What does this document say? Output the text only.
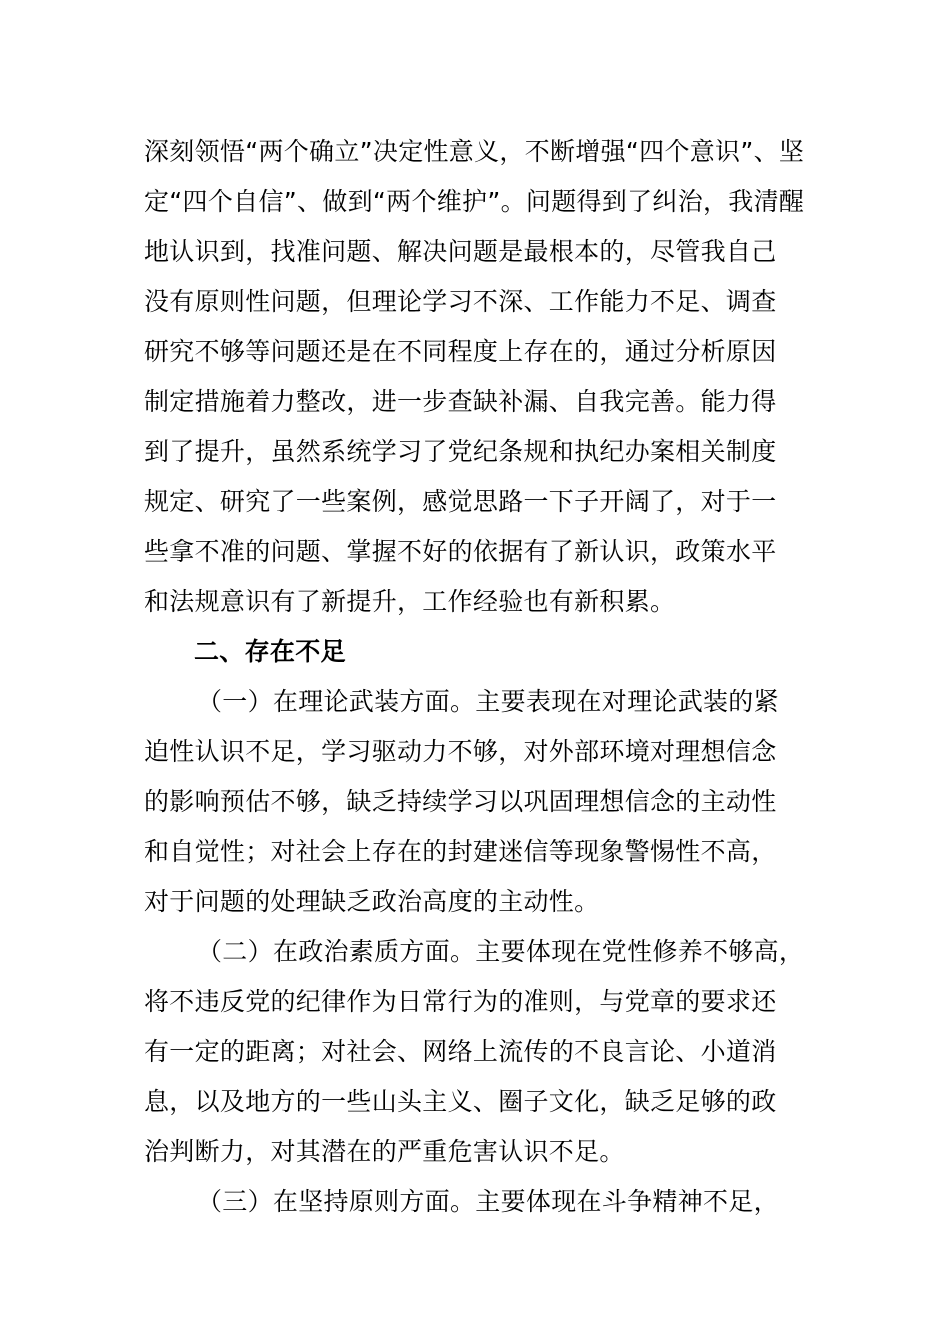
深刻领悟“两个确立”决定性意义，不断增强“四个意识”、坚
定“四个自信”、做到“两个维护”。问题得到了纠治，我清醒
地认识到，找准问题、解决问题是最根本的，尽管我自己
没有原则性问题，但理论学习不深、工作能力不足、调查
研究不够等问题还是在不同程度上存在的，通过分析原因
制定措施着力整改，进一步查缺补漏、自我完善。能力得
到了提升，虽然系统学习了党纪条规和执纪办案相关制度
规定、研究了一些案例，感觉思路一下子开阔了，对于一
些拿不准的问题、掌握不好的依据有了新认识，政策水平
和法规意识有了新提升，工作经验也有新积累。
二、存在不足
（一）在理论武装方面。主要表现在对理论武装的紧
迫性认识不足，学习驱动力不够，对外部环境对理想信念
的影响预估不够，缺乏持续学习以巩固理想信念的主动性
和自觉性；对社会上存在的封建迷信等现象警惕性不高，
对于问题的处理缺乏政治高度的主动性。
（二）在政治素质方面。主要体现在党性修养不够高，
将不违反党的纪律作为日常行为的准则，与党章的要求还
有一定的距离；对社会、网络上流传的不良言论、小道消
息，以及地方的一些山头主义、圈子文化，缺乏足够的政
治判断力，对其潜在的严重危害认识不足。
（三）在坚持原则方面。主要体现在斗争精神不足，
